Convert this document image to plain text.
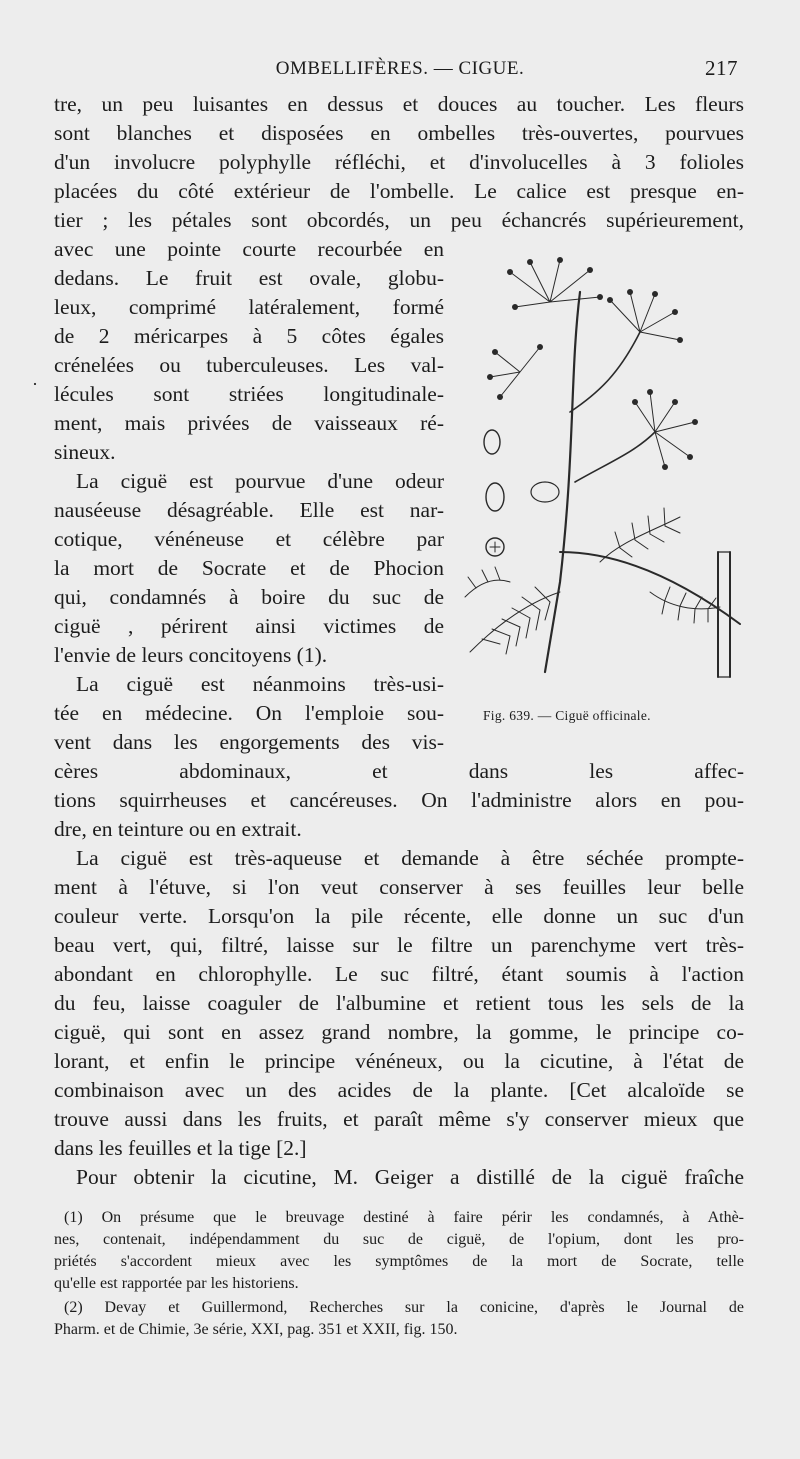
OMBELLIFÈRES. — CIGUE.	217
·
tre, un peu luisantes en dessus et douces au toucher. Les fleurs
sont blanches et disposées en ombelles très-ouvertes, pourvues
d'un involucre polyphylle réfléchi, et d'involucelles à 3 folioles
placées du côté extérieur de l'ombelle. Le calice est presque en-
tier ; les pétales sont obcordés, un peu échancrés supérieurement,
avec une pointe courte recourbée en
dedans. Le fruit est ovale, globu-
leux, comprimé latéralement, formé
de 2 méricarpes à 5 côtes égales
crénelées ou tuberculeuses. Les val-
lécules sont striées longitudinale-
ment, mais privées de vaisseaux ré-
sineux.
La ciguë est pourvue d'une odeur
nauséeuse désagréable. Elle est nar-
cotique, vénéneuse et célèbre par
la mort de Socrate et de Phocion
qui, condamnés à boire du suc de
ciguë , périrent ainsi victimes de
l'envie de leurs concitoyens (1).
La ciguë est néanmoins très-usi-
tée en médecine. On l'emploie sou-
vent dans les engorgements des vis-
cères abdominaux, et dans les affec-
tions squirrheuses et cancéreuses. On l'administre alors en pou-
dre, en teinture ou en extrait.
La ciguë est très-aqueuse et demande à être séchée prompte-
ment à l'étuve, si l'on veut conserver à ses feuilles leur belle
couleur verte. Lorsqu'on la pile récente, elle donne un suc d'un
beau vert, qui, filtré, laisse sur le filtre un parenchyme vert très-
abondant en chlorophylle. Le suc filtré, étant soumis à l'action
du feu, laisse coaguler de l'albumine et retient tous les sels de la
ciguë, qui sont en assez grand nombre, la gomme, le principe co-
lorant, et enfin le principe vénéneux, ou la cicutine, à l'état de
combinaison avec un des acides de la plante. [Cet alcaloïde se
trouve aussi dans les fruits, et paraît même s'y conserver mieux que
dans les feuilles et la tige [2.]
Pour obtenir la cicutine, M. Geiger a distillé de la ciguë fraîche
Fig. 639. — Ciguë officinale.
(1) On présume que le breuvage destiné à faire périr les condamnés, à Athè-
nes, contenait, indépendamment du suc de ciguë, de l'opium, dont les pro-
priétés s'accordent mieux avec les symptômes de la mort de Socrate, telle
qu'elle est rapportée par les historiens.
(2) Devay et Guillermond, Recherches sur la conicine, d'après le Journal de
Pharm. et de Chimie, 3e série, XXI, pag. 351 et XXII, fig. 150.
